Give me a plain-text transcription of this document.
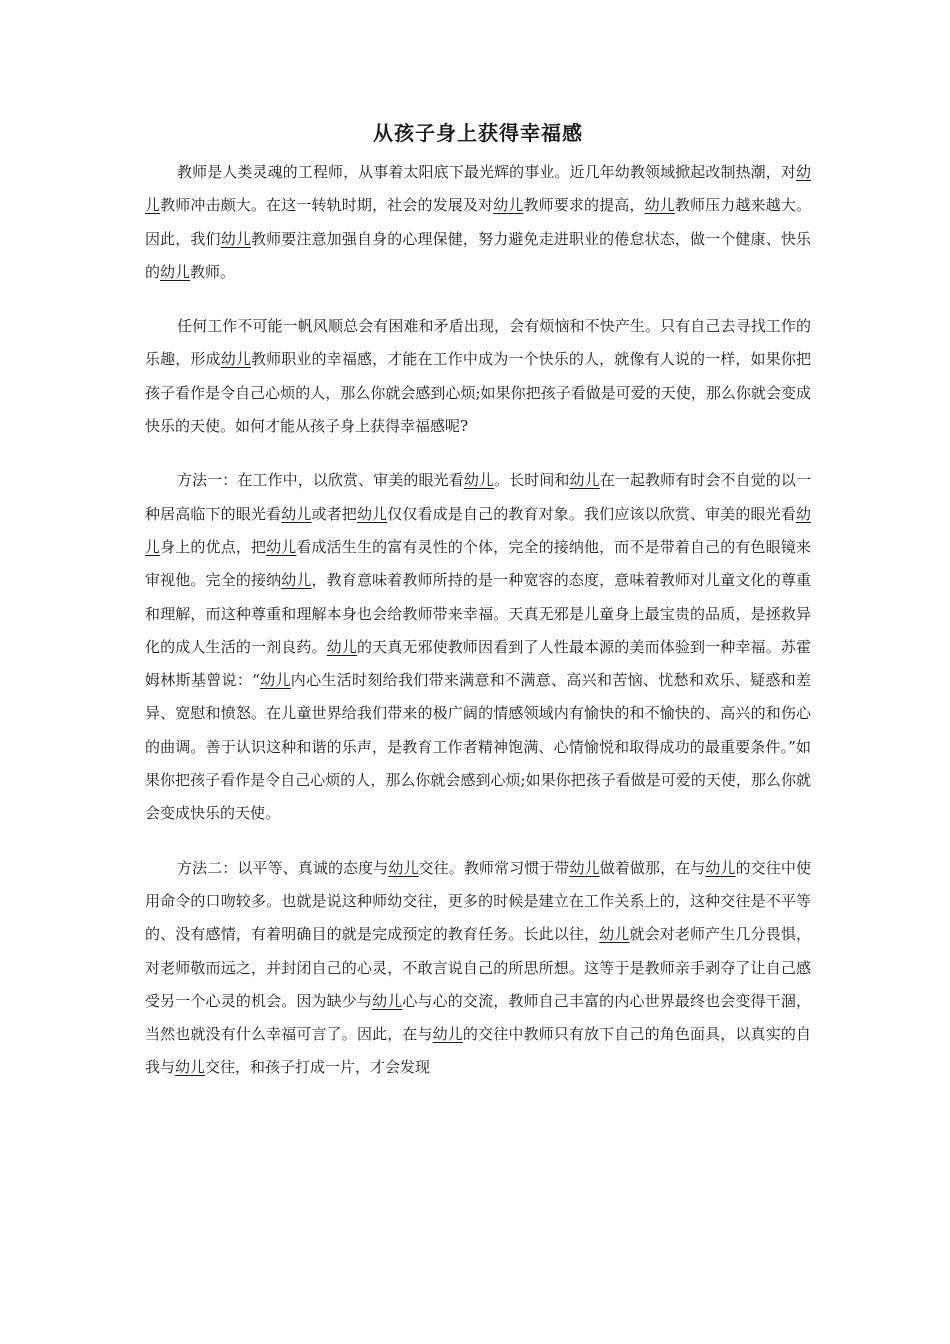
从孩子身上获得幸福感

教师是人类灵魂的工程师，从事着太阳底下最光辉的事业。近几年幼教领域掀起改制热潮，对幼儿教师冲击颇大。在这一转轨时期，社会的发展及对幼儿教师要求的提高，幼儿教师压力越来越大。因此，我们幼儿教师要注意加强自身的心理保健，努力避免走进职业的倦怠状态，做一个健康、快乐的幼儿教师。

任何工作不可能一帆风顺总会有困难和矛盾出现，会有烦恼和不快产生。只有自己去寻找工作的乐趣，形成幼儿教师职业的幸福感，才能在工作中成为一个快乐的人，就像有人说的一样，如果你把孩子看作是令自己心烦的人，那么你就会感到心烦;如果你把孩子看做是可爱的天使，那么你就会变成快乐的天使。如何才能从孩子身上获得幸福感呢?

方法一：在工作中，以欣赏、审美的眼光看幼儿。长时间和幼儿在一起教师有时会不自觉的以一种居高临下的眼光看幼儿或者把幼儿仅仅看成是自己的教育对象。我们应该以欣赏、审美的眼光看幼儿身上的优点，把幼儿看成活生生的富有灵性的个体，完全的接纳他，而不是带着自己的有色眼镜来审视他。完全的接纳幼儿，教育意味着教师所持的是一种宽容的态度，意味着教师对儿童文化的尊重和理解，而这种尊重和理解本身也会给教师带来幸福。天真无邪是儿童身上最宝贵的品质，是拯救异化的成人生活的一剂良药。幼儿的天真无邪使教师因看到了人性最本源的美而体验到一种幸福。苏霍姆林斯基曾说：“幼儿内心生活时刻给我们带来满意和不满意、高兴和苦恼、忧愁和欢乐、疑惑和差异、宽慰和愤怒。在儿童世界给我们带来的极广阔的情感领域内有愉快的和不愉快的、高兴的和伤心的曲调。善于认识这种和谐的乐声，是教育工作者精神饱满、心情愉悦和取得成功的最重要条件。”如果你把孩子看作是令自己心烦的人，那么你就会感到心烦;如果你把孩子看做是可爱的天使，那么你就会变成快乐的天使。

方法二：以平等、真诚的态度与幼儿交往。教师常习惯于带幼儿做着做那，在与幼儿的交往中使用命令的口吻较多。也就是说这种师幼交往，更多的时候是建立在工作关系上的，这种交往是不平等的、没有感情，有着明确目的就是完成预定的教育任务。长此以往，幼儿就会对老师产生几分畏惧，对老师敬而远之，并封闭自己的心灵，不敢言说自己的所思所想。这等于是教师亲手剥夺了让自己感受另一个心灵的机会。因为缺少与幼儿心与心的交流，教师自己丰富的内心世界最终也会变得干涸，当然也就没有什么幸福可言了。因此，在与幼儿的交往中教师只有放下自己的角色面具，以真实的自我与幼儿交往，和孩子打成一片，才会发现
